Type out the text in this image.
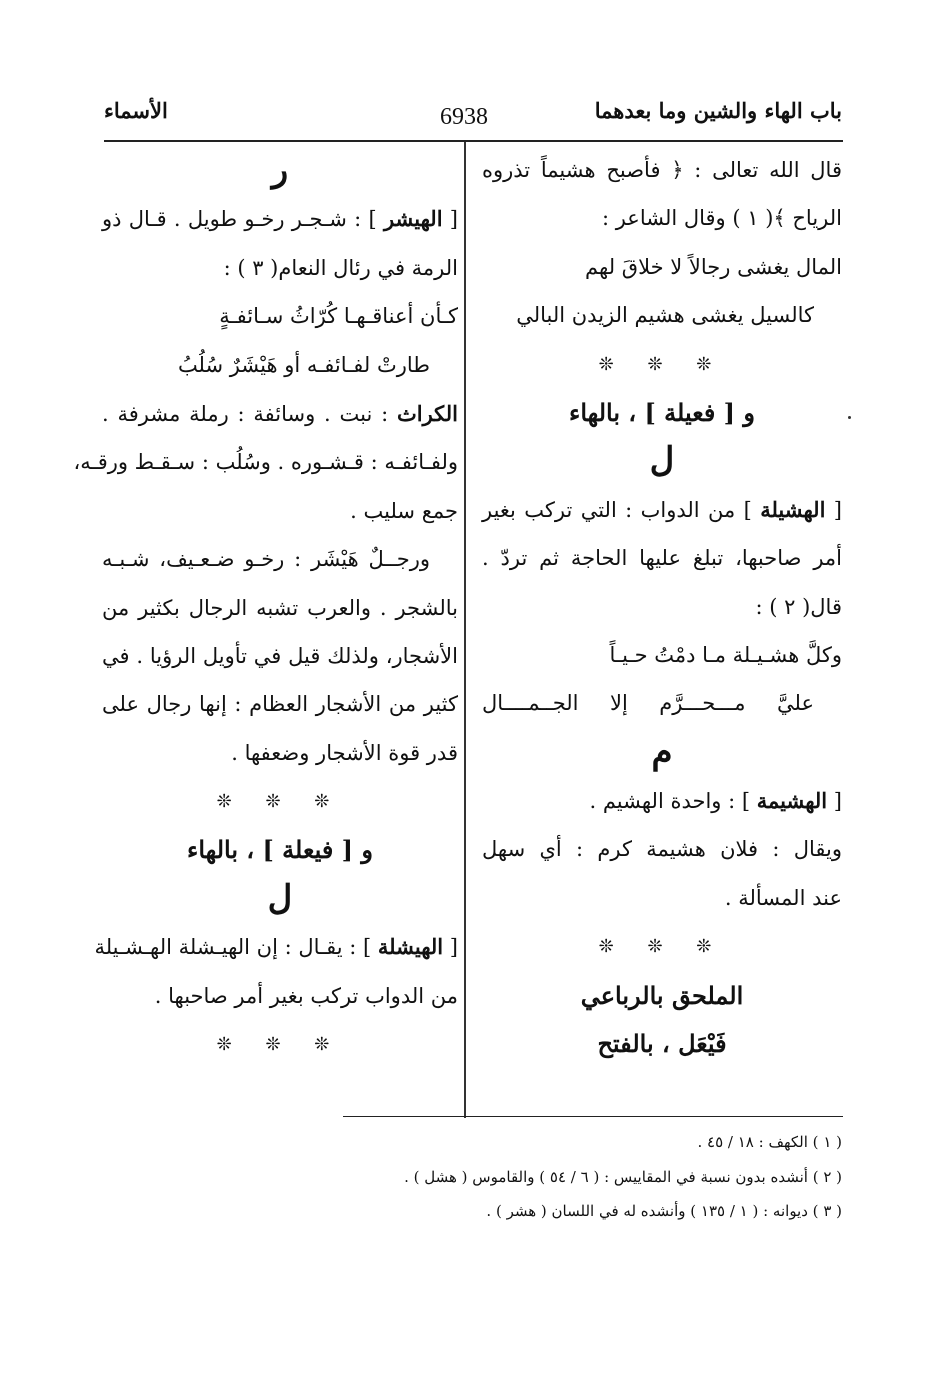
باب الهاء والشين وما بعدهما
6938
الأسماء
قال الله تعالى : ﴿ فأصبح هشيماً تذروه
الرياح ﴾( ١ ) وقال الشاعر :
المال يغشى رجالاً لا خلاقَ لهم
كالسيل يغشى هشيم الزيدن البالي
❊ ❊ ❊
و [ فعيلة ] ، بالهاء
ل
[ الهشيلة ] من الدواب : التي تركب بغير
أمر صاحبها، تبلغ عليها الحاجة ثم تردّ .
قال( ٢ ) :
وكلَّ هشـيـلة مـا دمْتُ حـيـاً
عليَّ مـــحـــرَّم إلا الجــمــــال
م
[ الهشيمة ] : واحدة الهشيم .
ويقال : فلان هشيمة كرم : أي سهل
عند المسألة .
❊ ❊ ❊
الملحق بالرباعي
فَيْعَل ، بالفتح
ر
[ الهيشر ] : شـجـر رخـو طويل . قـال ذو
الرمة في رئال النعام( ٣ ) :
كـأن أعناقـهـا كُرّاثُ سـائفـةٍ
طارتْ لفـائفـه أو هَيْشَرٌ سُلُبُ
الكراث : نبت . وسائفة : رملة مشرفة .
ولفـائفـه : قـشـوره . وسُلُب : سـقـط ورقـه،
جمع سليب .
ورجــلٌ هَيْشَر : رخـو ضـعـيف، شـبـه
بالشجر . والعرب تشبه الرجال بكثير من
الأشجار، ولذلك قيل في تأويل الرؤيا . في
كثير من الأشجار العظام : إنها رجال على
قدر قوة الأشجار وضعفها .
❊ ❊ ❊
و [ فيعلة ] ، بالهاء
ل
[ الهيشلة ] : يقـال : إن الهيـشلة الهـشـيلة
من الدواب تركب بغير أمر صاحبها .
❊ ❊ ❊
( ١ ) الكهف : ١٨ / ٤٥ .
( ٢ ) أنشده بدون نسبة في المقاييس : ( ٦ / ٥٤ ) والقاموس ( هشل ) .
( ٣ ) ديوانه : ( ١ / ١٣٥ ) وأنشده له في اللسان ( هشر ) .
